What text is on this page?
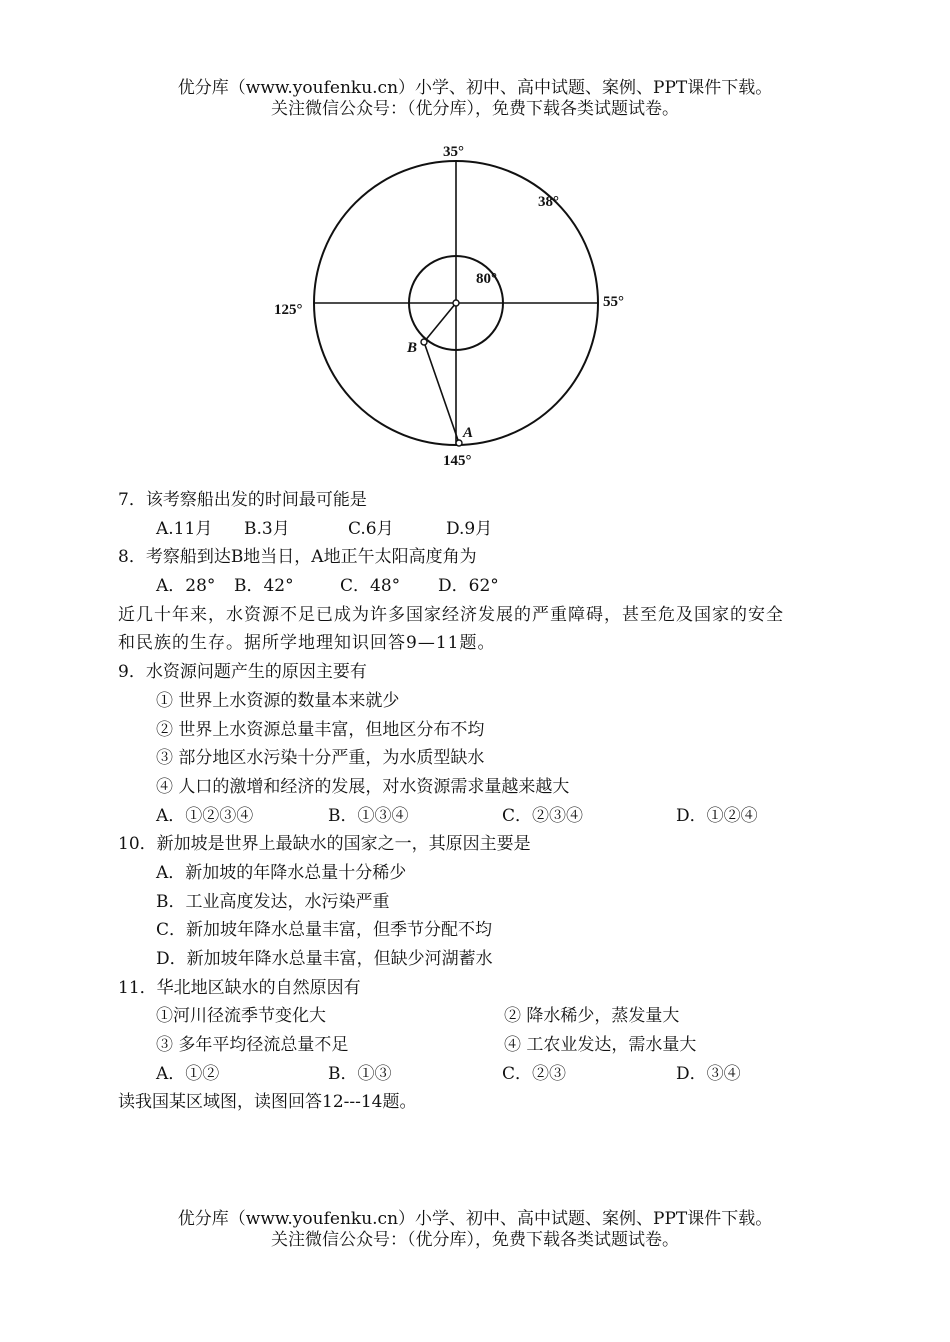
优分库（www.youfenku.cn）小学、初中、高中试题、案例、PPT课件下载。
关注微信公众号：（优分库），免费下载各类试题试卷。
35°
38°
80°
125°	55°
145°
B
A
7．该考察船出发的时间最可能是
A.11月	B.3月	C.6月	D.9月
8．考察船到达B地当日，A地正午太阳高度角为
A．28°	B．42°	C．48°	D．62°
近几十年来，水资源不足已成为许多国家经济发展的严重障碍，甚至危及国家的安全
和民族的生存。据所学地理知识回答9—11题。
9．水资源问题产生的原因主要有
① 世界上水资源的数量本来就少
② 世界上水资源总量丰富，但地区分布不均
③ 部分地区水污染十分严重，为水质型缺水
④ 人口的激增和经济的发展，对水资源需求量越来越大
A．①②③④	B．①③④	C．②③④	D．①②④
10．新加坡是世界上最缺水的国家之一，其原因主要是
A．新加坡的年降水总量十分稀少
B．工业高度发达，水污染严重
C．新加坡年降水总量丰富，但季节分配不均
D．新加坡年降水总量丰富，但缺少河湖蓄水
11．华北地区缺水的自然原因有
①河川径流季节变化大	② 降水稀少，蒸发量大
③ 多年平均径流总量不足	④ 工农业发达，需水量大
A．①②	B．①③	C．②③	D．③④
读我国某区域图，读图回答12---14题。
优分库（www.youfenku.cn）小学、初中、高中试题、案例、PPT课件下载。
关注微信公众号：（优分库），免费下载各类试题试卷。
